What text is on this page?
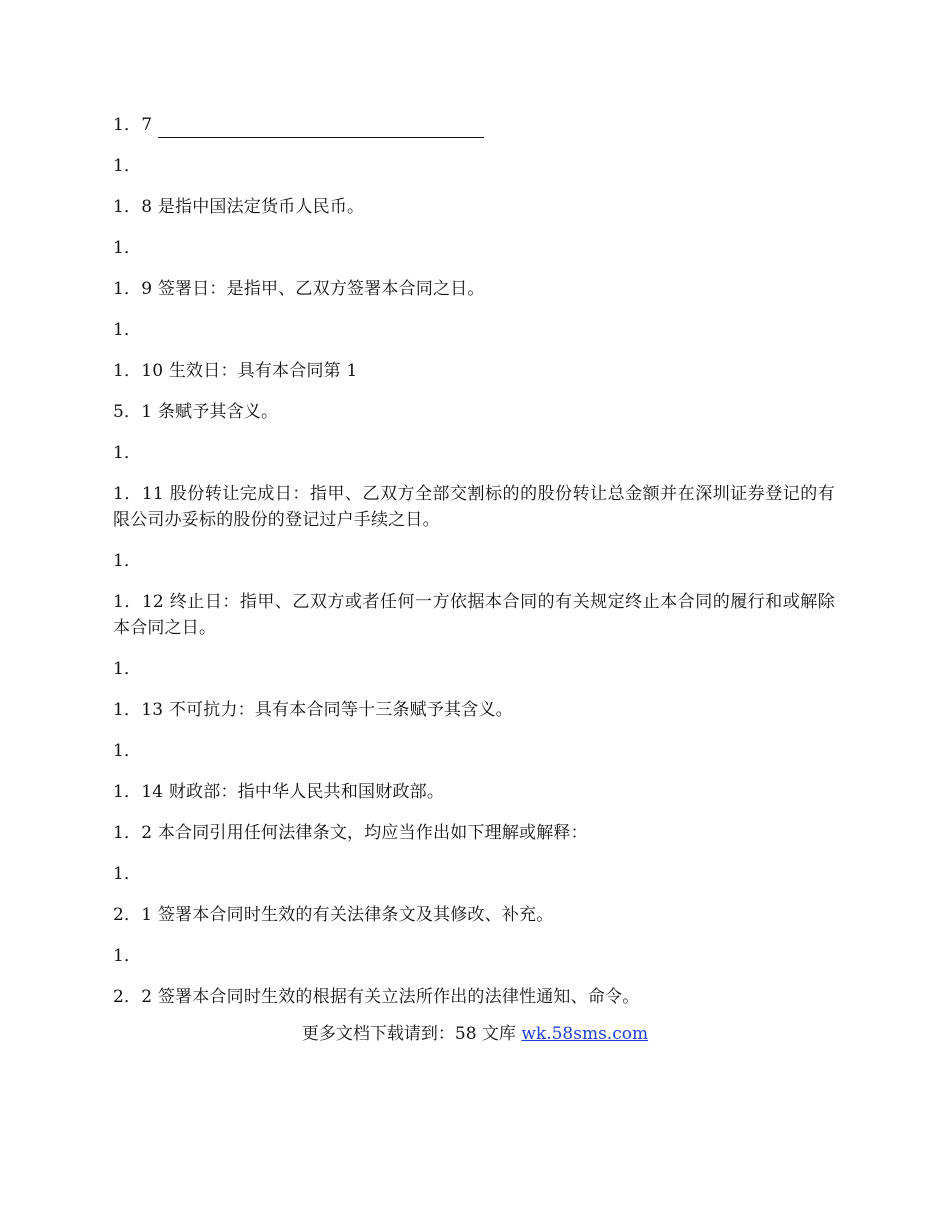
1．7

1．

1．8 是指中国法定货币人民币。

1．

1．9 签署日：是指甲、乙双方签署本合同之日。

1．

1．10 生效日：具有本合同第 1

5．1 条赋予其含义。

1．

1．11 股份转让完成日：指甲、乙双方全部交割标的的股份转让总金额并在深圳证券登记的有限公司办妥标的股份的登记过户手续之日。

1．

1．12 终止日：指甲、乙双方或者任何一方依据本合同的有关规定终止本合同的履行和或解除本合同之日。

1．

1．13 不可抗力：具有本合同等十三条赋予其含义。

1．

1．14 财政部：指中华人民共和国财政部。

1．2 本合同引用任何法律条文，均应当作出如下理解或解释：

1．

2．1 签署本合同时生效的有关法律条文及其修改、补充。

1．

2．2 签署本合同时生效的根据有关立法所作出的法律性通知、命令。

更多文档下载请到：58 文库 wk.58sms.com
